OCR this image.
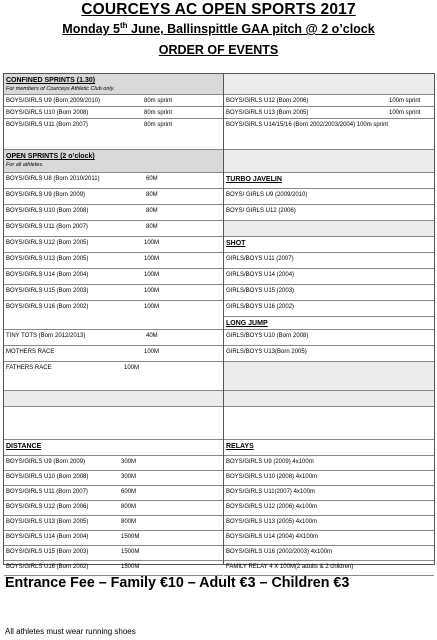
COURCEYS AC OPEN SPORTS 2017
Monday 5th June, Ballinspittle GAA pitch @ 2 o’clock
ORDER OF EVENTS
CONFINED SPRINTS (1.30)
For members of Courceys Athletic Club only.
BOYS/GIRLS U9 (Born 2009/2010)	80m sprint
BOYS/GIRLS U10 (Born 2008)	80m sprint
BOYS/GIRLS U11 (Born 2007)	80m sprint
OPEN SPRINTS (2 o’clock)
For all athletes.
BOYS/GIRLS U8 (Born 2010/2011)	60M
BOYS/GIRLS U9 (Born 2009)	80M
BOYS/GIRLS U10 (Born 2008)	80M
BOYS/GIRLS U11 (Born 2007)	80M
BOYS/GIRLS U12 (Born 2005)	100M
BOYS/GIRLS U13 (Born 2005)	100M
BOYS/GIRLS U14 (Born 2004)	100M
BOYS/GIRLS U15 (Born 2003)	100M
BOYS/GIRLS U16 (Born 2002)	100M
TINY TOTS (Born 2012/2013)	40M
MOTHERS RACE	100M
FATHERS RACE	100M
DISTANCE
BOYS/GIRLS U9 (Born 2009)	300M
BOYS/GIRLS U10 (Born 2008)	300M
BOYS/GIRLS U11 (Born 2007)	600M
BOYS/GIRLS U12 (Born 2006)	800M
BOYS/GIRLS U13 (Born 2005)	800M
BOYS/GIRLS U14 (Born 2004)	1500M
BOYS/GIRLS U15 (Born 2003)	1500M
BOYS/GIRLS U16 (Born 2002)	1500M
BOYS/GIRLS U12 (Born 2006)	100m sprint
BOYS/GIRLS U13 (Born 2005)	100m sprint
BOYS/GIRLS U14/15/16 (Born 2002/2003/2004) 100m sprint
TURBO JAVELIN
BOYS/ GIRLS U9 (2009/2010)
BOYS/ GIRLS U12 (2006)
SHOT
GIRLS/BOYS U11 (2007)
GIRLS/BOYS U14 (2004)
GIRLS/BOYS U15 (2003)
GIRLS/BOYS U16 (2002)
LONG JUMP
GIRLS/BOYS U10 (Born 2008)
GIRLS/BOYS U13(Born 2005)
RELAYS
BOYS/GIRLS U9 (2009) 4x100m
BOYS/GIRLS U10 (2008) 4x100m
BOYS/GIRLS U11(2007) 4x100m
BOYS/GIRLS U12 (2006) 4x100m
BOYS/GIRLS U13 (2005) 4x100m
BOYS/GIRLS U14 (2004) 4X100m
BOYS/GIRLS U16 (2002/2003) 4x100m
FAMILY RELAY 4 X 100M(2 adults & 2 children)
Entrance Fee – Family €10 – Adult €3 – Children €3
All athletes must wear running shoes
